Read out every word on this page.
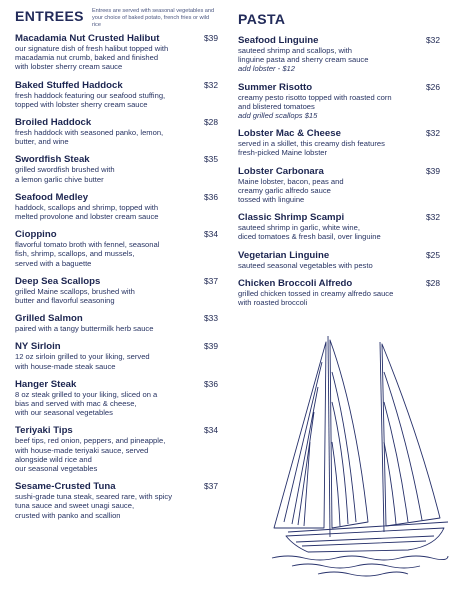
ENTREES Entrees are served with seasonal vegetables and your choice of baked potato, french fries or wild rice
Macadamia Nut Crusted Halibut	$39
our signature dish of fresh halibut topped with
macadamia nut crumb, baked and finished
with lobster sherry cream sauce
Baked Stuffed Haddock	$32
fresh haddock featuring our seafood stuffing,
topped with lobster sherry cream sauce
Broiled Haddock	$28
fresh haddock with seasoned panko, lemon,
butter, and wine
Swordfish Steak	$35
grilled swordfish brushed with
a lemon garlic chive butter
Seafood Medley	$36
haddock, scallops and shrimp, topped with
melted provolone and lobster cream sauce
Cioppino	$34
flavorful tomato broth with fennel, seasonal
fish, shrimp, scallops, and mussels,
served with a baguette
Deep Sea Scallops	$37
grilled Maine scallops, brushed with
butter and flavorful seasoning
Grilled Salmon	$33
paired with a tangy buttermilk herb sauce
NY Sirloin	$39
12 oz sirloin grilled to your liking, served
with house-made steak sauce
Hanger Steak	$36
8 oz steak grilled to your liking, sliced on a
bias and served with mac & cheese,
with our seasonal vegetables
Teriyaki Tips	$34
beef tips, red onion, peppers, and pineapple,
with house-made teriyaki sauce, served
alongside wild rice and
our seasonal vegetables
Sesame-Crusted Tuna	$37
sushi-grade tuna steak, seared rare, with spicy
tuna sauce and sweet unagi sauce,
crusted with panko and scallion
PASTA
Seafood Linguine	$32
sauteed shrimp and scallops, with
linguine pasta and sherry cream sauce
add lobster - $12
Summer Risotto	$26
creamy pesto risotto topped with roasted corn
and blistered tomatoes
add grilled scallops $15
Lobster Mac & Cheese	$32
served in a skillet, this creamy dish features
fresh-picked Maine lobster
Lobster Carbonara	$39
Maine lobster, bacon, peas and
creamy garlic alfredo sauce
tossed with linguine
Classic Shrimp Scampi	$32
sauteed shrimp in garlic, white wine,
diced tomatoes & fresh basil, over linguine
Vegetarian Linguine	$25
sauteed seasonal vegetables with pesto
Chicken Broccoli Alfredo	$28
grilled chicken tossed in creamy alfredo sauce
with roasted broccoli
